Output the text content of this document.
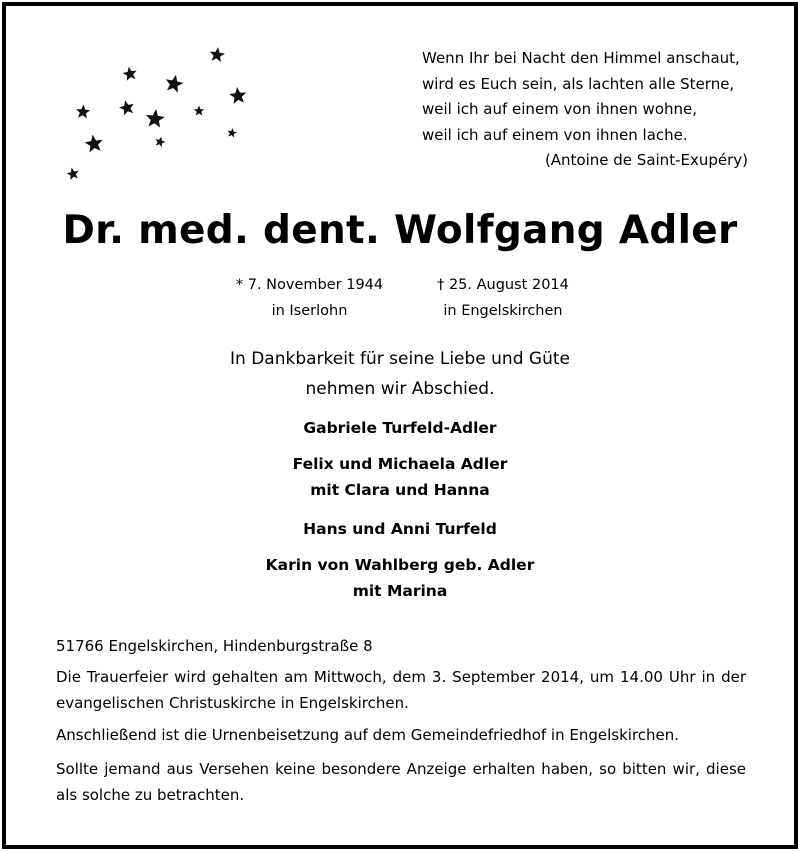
Wenn Ihr bei Nacht den Himmel anschaut,
wird es Euch sein, als lachten alle Sterne,
weil ich auf einem von ihnen wohne,
weil ich auf einem von ihnen lache.
(Antoine de Saint-Exupéry)
Dr. med. dent. Wolfgang Adler
* 7. November 1944
in Iserlohn
† 25. August 2014
in Engelskirchen
In Dankbarkeit für seine Liebe und Güte
nehmen wir Abschied.
Gabriele Turfeld-Adler
Felix und Michaela Adler
mit Clara und Hanna
Hans und Anni Turfeld
Karin von Wahlberg geb. Adler
mit Marina
51766 Engelskirchen, Hindenburgstraße 8
Die Trauerfeier wird gehalten am Mittwoch, dem 3. September 2014, um 14.00 Uhr in der evangelischen Christuskirche in Engelskirchen.
Anschließend ist die Urnenbeisetzung auf dem Gemeindefriedhof in Engelskirchen.
Sollte jemand aus Versehen keine besondere Anzeige erhalten haben, so bitten wir, diese als solche zu betrachten.
